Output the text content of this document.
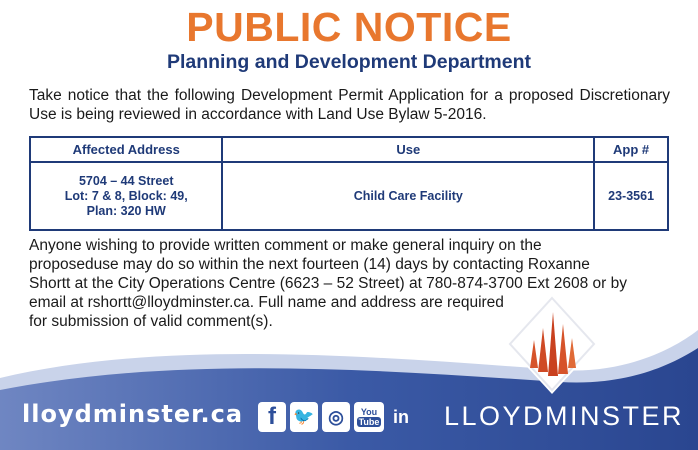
PUBLIC NOTICE
Planning and Development Department
Take notice that the following Development Permit Application for a proposed Discretionary Use is being reviewed in accordance with Land Use Bylaw 5-2016.
Affected Address	Use	App #

5704 – 44 Street
Lot: 7 & 8, Block: 49,
Plan: 320 HW	Child Care Facility	23-3561
Anyone wishing to provide written comment or make general inquiry on the
proposeduse may do so within the next fourteen (14) days by contacting Roxanne
Shortt at the City Operations Centre (6623 – 52 Street) at 780-874-3700 Ext 2608 or by
email at rshortt@lloydminster.ca. Full name and address are required
for submission of valid comment(s).
lloydminster.ca	f	🐦 ◎	You
Tube in LLOYDMINSTER
